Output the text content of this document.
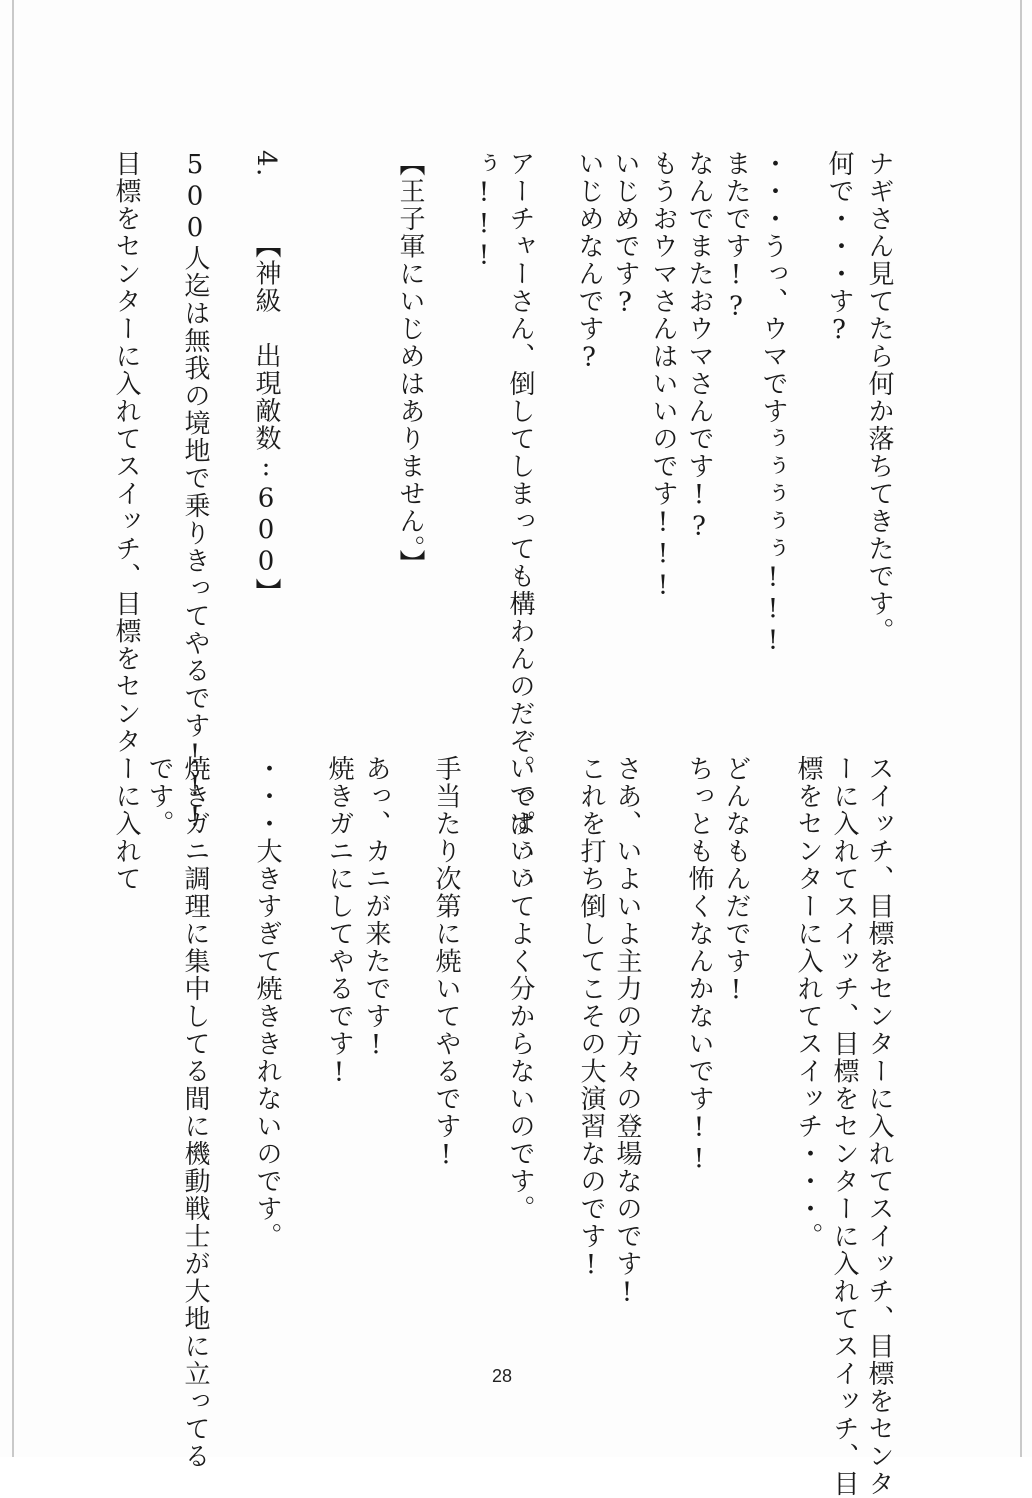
ナギさん見てたら何か落ちてきたです。
何で・・・す?
・・・うっ、ウマですぅぅぅぅぅ!!!
またです!?
なんでまたおウマさんです!?
もうおウマさんはいいのです!!!
いじめです?
いじめなんです?
アーチャーさん、倒してしまっても構わんのだぞ。ですぅぅ
ぅ!!!
【王子軍にいじめはありません。】
4.
【神級　出現敵数:600】
500人迄は無我の境地で乗りきってやるです!!!
目標をセンターに入れてスイッチ、目標をセンターに入れて
スイッチ、目標をセンターに入れてスイッチ、目標をセンタ
ーに入れてスイッチ、目標をセンターに入れてスイッチ、目
標をセンターに入れてスイッチ・・・。
どんなもんだです!
ちっとも怖くなんかないです!!
さあ、いよいよ主力の方々の登場なのです!
これを打ち倒してこその大演習なのです!
いっぱいいてよく分からないのです。
手当たり次第に焼いてやるです!
あっ、カニが来たです!
焼きガニにしてやるです!
・・・大きすぎて焼ききれないのです。
焼きガニ調理に集中してる間に機動戦士が大地に立ってる
です。
28
